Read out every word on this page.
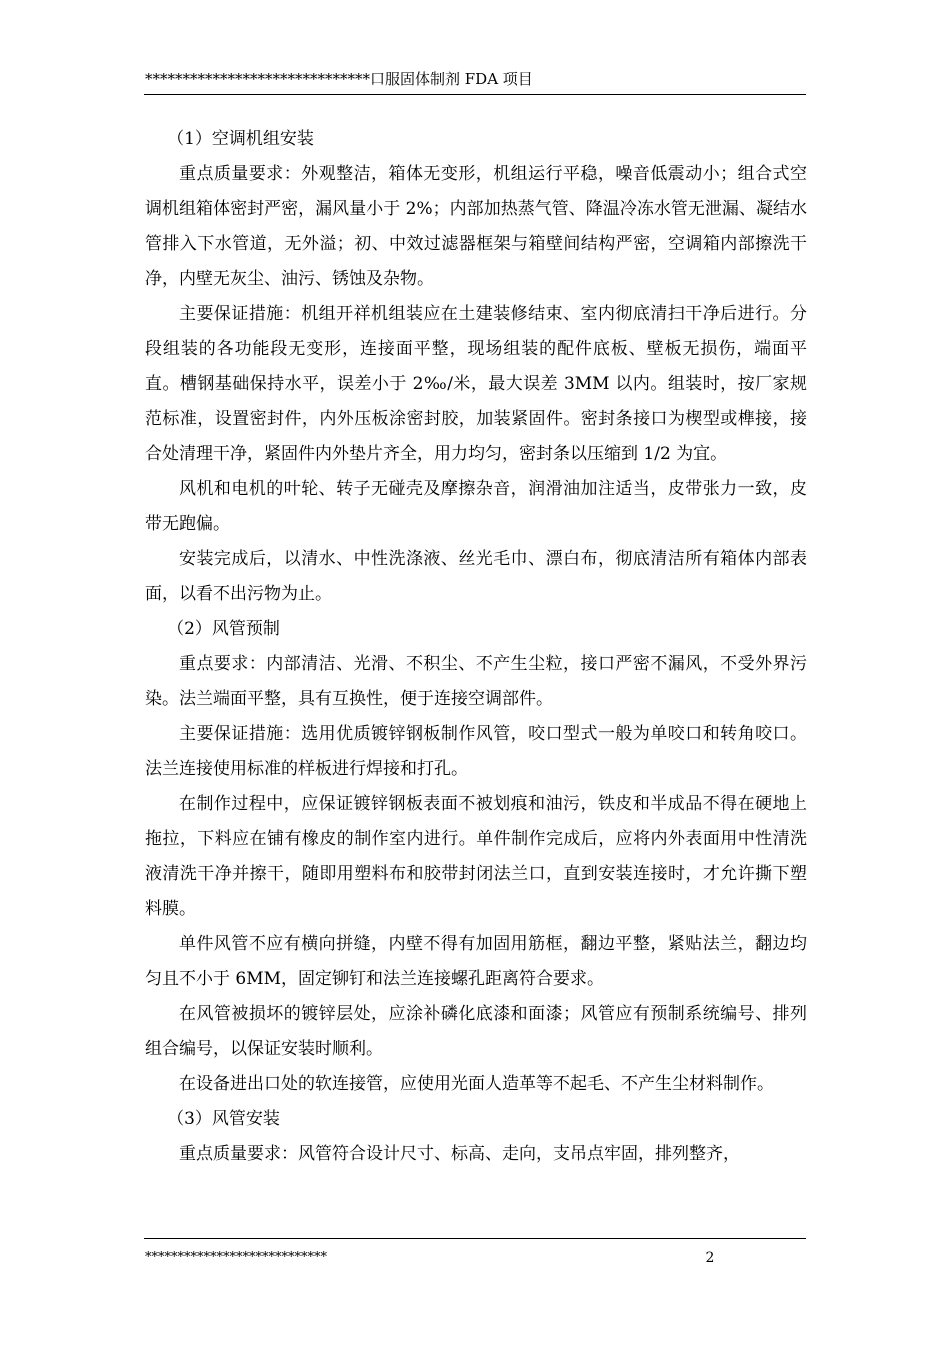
******************************口服固体制剂 FDA 项目

（1）空调机组安装

重点质量要求：外观整洁，箱体无变形，机组运行平稳，噪音低震动小；组合式空调机组箱体密封严密，漏风量小于 2%；内部加热蒸气管、降温冷冻水管无泄漏、凝结水管排入下水管道，无外溢；初、中效过滤器框架与箱壁间结构严密，空调箱内部擦洗干净，内壁无灰尘、油污、锈蚀及杂物。

主要保证措施：机组开祥机组装应在土建装修结束、室内彻底清扫干净后进行。分段组装的各功能段无变形，连接面平整，现场组装的配件底板、壁板无损伤，端面平直。槽钢基础保持水平，误差小于 2‰/米，最大误差 3MM 以内。组装时，按厂家规范标准，设置密封件，内外压板涂密封胶，加装紧固件。密封条接口为楔型或榫接，接合处清理干净，紧固件内外垫片齐全，用力均匀，密封条以压缩到 1/2 为宜。

风机和电机的叶轮、转子无碰壳及摩擦杂音，润滑油加注适当，皮带张力一致，皮带无跑偏。

安装完成后，以清水、中性洗涤液、丝光毛巾、漂白布，彻底清洁所有箱体内部表面，以看不出污物为止。

（2）风管预制

重点要求：内部清洁、光滑、不积尘、不产生尘粒，接口严密不漏风，不受外界污染。法兰端面平整，具有互换性，便于连接空调部件。

主要保证措施：选用优质镀锌钢板制作风管，咬口型式一般为单咬口和转角咬口。法兰连接使用标准的样板进行焊接和打孔。

在制作过程中，应保证镀锌钢板表面不被划痕和油污，铁皮和半成品不得在硬地上拖拉，下料应在铺有橡皮的制作室内进行。单件制作完成后，应将内外表面用中性清洗液清洗干净并擦干，随即用塑料布和胶带封闭法兰口，直到安装连接时，才允许撕下塑料膜。

单件风管不应有横向拼缝，内壁不得有加固用筋框，翻边平整，紧贴法兰，翻边均匀且不小于 6MM，固定铆钉和法兰连接螺孔距离符合要求。

在风管被损坏的镀锌层处，应涂补磷化底漆和面漆；风管应有预制系统编号、排列组合编号，以保证安装时顺利。

在设备进出口处的软连接管，应使用光面人造革等不起毛、不产生尘材料制作。

（3）风管安装

重点质量要求：风管符合设计尺寸、标高、走向，支吊点牢固，排列整齐，

****************************	2
